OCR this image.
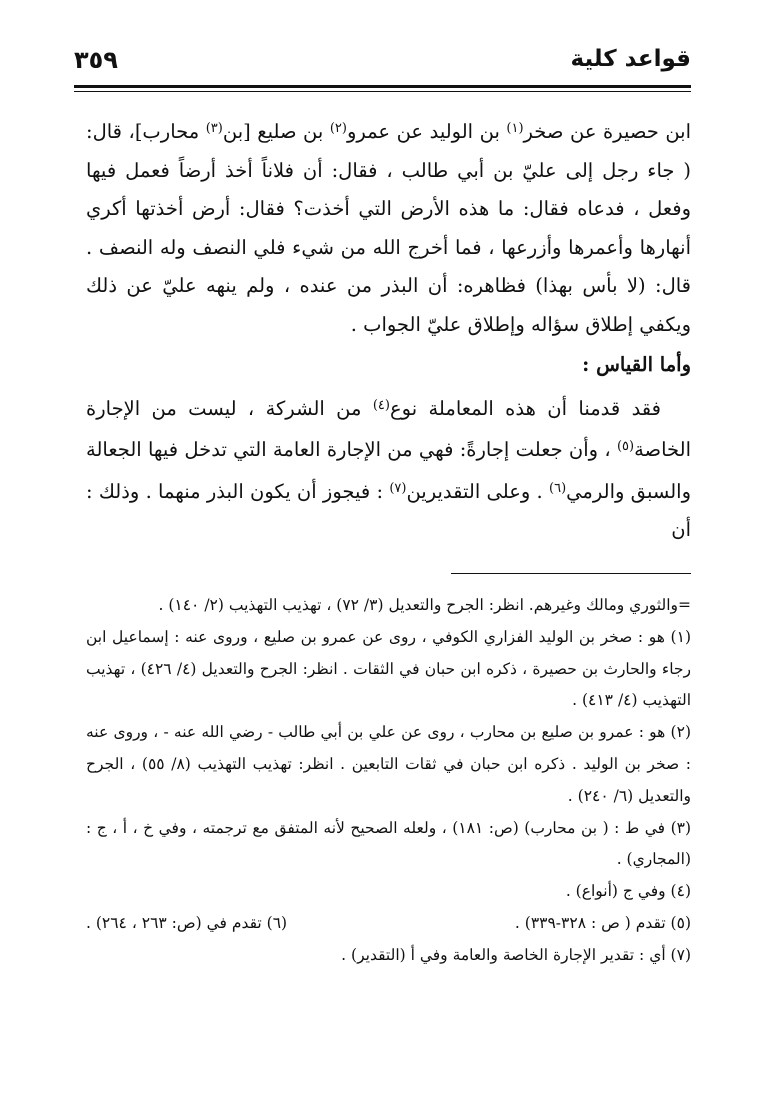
٣٥٩	قواعد كلية

ابن حصيرة عن صخر$^{(١)}$ بن الوليد عن عمرو$^{(٢)}$ بن صليع [بن$^{(٣)}$ محارب]، قال: ( جاء رجل إلى عليّ بن أبي طالب ، فقال: أن فلاناً أخذ أرضاً فعمل فيها وفعل ، فدعاه فقال: ما هذه الأرض التي أخذت؟ فقال: أرض أخذتها أكري أنهارها وأعمرها وأزرعها ، فما أخرج الله من شيء فلي النصف وله النصف . قال: (لا بأس بهذا) فظاهره: أن البذر من عنده ، ولم ينهه عليّ عن ذلك ويكفي إطلاق سؤاله وإطلاق عليّ الجواب .

وأما القياس :

فقد قدمنا أن هذه المعاملة نوع$^{(٤)}$ من الشركة ، ليست من الإجارة الخاصة$^{(٥)}$ ، وأن جعلت إجارةً: فهي من الإجارة العامة التي تدخل فيها الجعالة والسبق والرمي$^{(٦)}$ . وعلى التقديرين$^{(٧)}$ : فيجوز أن يكون البذر منهما . وذلك : أن

=والثوري ومالك وغيرهم. انظر: الجرح والتعديل (٣/ ٧٢) ، تهذيب التهذيب (٢/ ١٤٠) .

(١) هو : صخر بن الوليد الفزاري الكوفي ، روى عن عمرو بن صليع ، وروى عنه : إسماعيل ابن رجاء والحارث بن حصيرة ، ذكره ابن حبان في الثقات . انظر: الجرح والتعديل (٤/ ٤٢٦) ، تهذيب التهذيب (٤/ ٤١٣) .

(٢) هو : عمرو بن صليع بن محارب ، روى عن علي بن أبي طالب - رضي الله عنه - ، وروى عنه : صخر بن الوليد . ذكره ابن حبان في ثقات التابعين . انظر: تهذيب التهذيب (٨/ ٥٥) ، الجرح والتعديل (٦/ ٢٤٠) .

(٣) في ط : ( بن محارب) (ص: ١٨١) ، ولعله الصحيح لأنه المتفق مع ترجمته ، وفي خ ، أ ، ج : (المجاري) .

(٤) وفي ج (أنواع) .

(٥) تقدم ( ص : ٣٢٨-٣٣٩) .
(٦) تقدم في (ص: ٢٦٣ ، ٢٦٤) .

(٧) أي : تقدير الإجارة الخاصة والعامة وفي أ (التقدير) .
